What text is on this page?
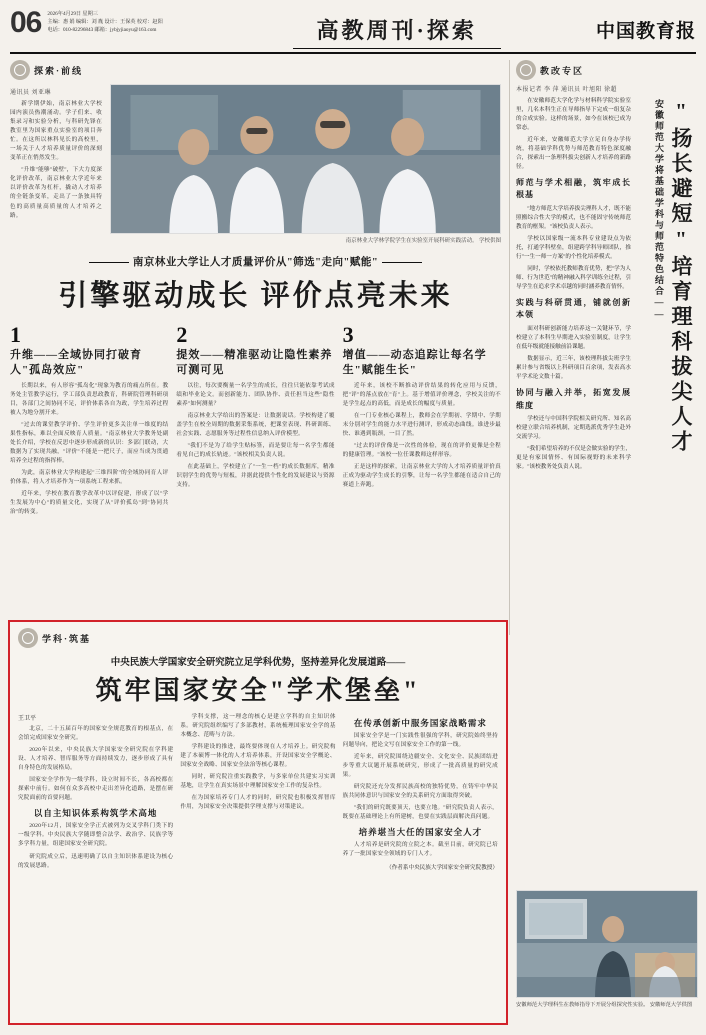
06	2026年4月29日 星期三
主编：惠 娟 编辑：刘 胤 设计：王保英 校对：赵阳
电话：010-82296843 邮箱：jybjyjiaoyu@163.com	高教周刊·探索	中国教育报
探索·前线
通讯员 刘亚琳

新学期伊始，南京林业大学校园内演员热潮涌动。学子们来、收集录习和实验分析，与科研先锋在教室里为国家重点实验室的项目奔忙。在这所以林科见长的高校里，一场关于人才培养质量评价的深刻变革正在悄然发生。

"升维"能够"破壁"，下大力度深化评价改革，南京林业大学近年来以评价改革为杠杆，撬动人才培养的全链条变革，走出了一条独具特色的高质量高质量的人才培养之路。

南京林业大学林学院学生在实验室开展科研实践活动。 学校供图
南京林业大学让人才质量评价从"筛选"走向"赋能"
引擎驱动成长 评价点亮未来
1
升维——全域协同打破育人"孤岛效应"

长期以来，有人形容"孤岛化"现象为教育的痛点所在。教务处主管教学运行，学工部负责思政教育，科研院管理科研项目，各部门之间协同不足，评价体系各自为政，学生培养过程被人为地分割开来。

"过去的课堂教学评价、学生评价更多关注单一维度的结果性指标，难以全面反映育人质量。"南京林业大学教务处副处长介绍，学校在反思中逐步形成新的认识：多部门联动，大数据为了实现共融，"评价"不能是一把尺子，而应当成为贯通培养全过程的指挥棒。

为此，南京林业大学构建起"三维四阶"的全域协同育人评价体系，将人才培养作为一项系统工程来抓。

近年来，学校在教育教学改革中以评促建，形成了以"学生发展为中心"的质量文化，实现了从"评价孤岛"到"协同共治"的转变。

2
提效——精准驱动让隐性素养可测可见

以往，每次要衡量一名学生的成长，往往只能依靠考试成绩和毕业论文。而创新能力、团队协作、责任担当这些"隐性素养"如何测量？

南京林业大学给出的答案是：让数据说话。学校构建了覆盖学生在校全周期的数据采集系统，把课堂表现、科研训练、社会实践、志愿服务等过程性信息纳入评价模型。

"我们不是为了给学生贴标签，而是要让每一名学生都能看见自己的成长轨迹。"该校相关负责人说。

在此基础上，学校建立了"一生一档"的成长数据库，精准识别学生的优势与短板，并据此提供个性化的发展建议与资源支持。

3
增值——动态追踪让每名学生"赋能生长"

近年来，该校不断推动评价结果的转化应用与反馈，把"评"的落点放在"育"上。基于增值评价理念，学校关注的不是学生起点的高低，而是成长的幅度与质量。

在一门专业核心课程上，教师会在学期初、学期中、学期末分别对学生的能力水平进行测评，形成动态曲线。谁进步最快、谁遇到瓶颈，一目了然。

"过去的评价像是一次性的体检，现在的评价更像是全程的健康管理。"该校一位任课教师这样形容。

正是这样的探索，让南京林业大学的人才培养质量评价真正成为驱动学生成长的引擎，让每一名学生都能在适合自己的赛道上奔跑。

教改专区
本报记者 李 萍 通讯员 叶旭阳 徐超
"扬长避短"培育理科拔尖人才
安徽师范大学将基础学科与师范特色结合——

在安徽师范大学化学与材料科学院实验室里，几名本科生正在导师指导下完成一组复杂的合成实验。这样的场景，如今在该校已成为常态。

近年来，安徽师范大学立足自身办学传统，将基础学科优势与师范教育特色深度融合，探索出一条理科拔尖创新人才培养的新路径。

师范与学术相融，筑牢成长根基

"地方师范大学培养拔尖理科人才，既不能照搬综合性大学的模式，也不能固守传统师范教育的框架。"该校负责人表示。

学校以国家级一流本科专业建设点为依托，打通学科壁垒，组建跨学科导师团队，推行"一生一师一方案"的个性化培养模式。

同时，学校依托教师教育优势，把"学为人师、行为世范"的精神融入科学训练全过程，引导学生在追求学术卓越的同时涵养教育情怀。

实践与科研贯通，铺就创新本领

面对科研创新能力培养这一关键环节，学校建立了本科生早期进入实验室制度，让学生在低年级就能接触前沿课题。

数据显示，近三年，该校理科拔尖班学生累计参与省级以上科研项目百余项，发表高水平学术论文数十篇。

协同与融入并举，拓宽发展维度

学校还与中国科学院相关研究所、知名高校建立联合培养机制，定期选派优秀学生赴外交流学习。

"我们希望培养的不仅是会做实验的学生，更是有家国情怀、有国际视野的未来科学家。"该校教务处负责人说。

学科·筑基
中央民族大学国家安全研究院立足学科优势，坚持差异化发展道路——
筑牢国家安全"学术堡垒"
王卫平

北京，二十五届百年的国家安全规范教育的根基点，在会馆完成国家安全研究。

2020年以来，中央民族大学国家安全研究院在学科建设、人才培养、智库服务等方面持续发力，逐步形成了具有自身特色的发展格局。

国家安全学作为一级学科，设立时间不长，各高校都在探索中前行。如何在众多高校中走出差异化道路，是摆在研究院面前的首要问题。

以自主知识体系构筑学术高地

2020年12月，国家安全学正式被列为交叉学科门类下的一级学科。中央民族大学随即整合法学、政治学、民族学等多学科力量，组建国家安全研究院。

研究院成立后，迅速明确了以自主知识体系建设为核心的发展思路。

学科支撑，这一理念的核心是建立学科的自主知识体系。研究院组织编写了多部教材，系统梳理国家安全学的基本概念、范畴与方法。

学科建设的推进，最终要体现在人才培养上。研究院构建了本硕博一体化的人才培养体系，开设国家安全学概论、国家安全战略、国家安全法治等核心课程。

同时，研究院注重实践教学，与多家单位共建实习实训基地，让学生在真实场景中理解国家安全工作的复杂性。

在为国家培养专门人才的同时，研究院也积极发挥智库作用，为国家安全决策提供学理支撑与对策建议。

在传承创新中服务国家战略需求

国家安全学是一门实践性很强的学科，研究院始终坚持问题导向，把论文写在国家安全工作的第一线。

近年来，研究院围绕边疆安全、文化安全、民族团结进步等重大议题开展系统研究，形成了一批高质量的研究成果。

研究院还充分发挥民族高校的独特优势，在铸牢中华民族共同体意识与国家安全的关系研究方面取得突破。

"我们的研究既要顶天，也要立地。"研究院负责人表示，既要在基础理论上有所建树，也要在实践层面解决真问题。

培养堪当大任的国家安全人才

人才培养是研究院的立院之本。截至目前，研究院已培养了一批国家安全领域的专门人才。

（作者系中央民族大学国家安全研究院教授）
安徽师范大学理科生在教师指导下开展分组探究性实验。 安徽师范大学供图
